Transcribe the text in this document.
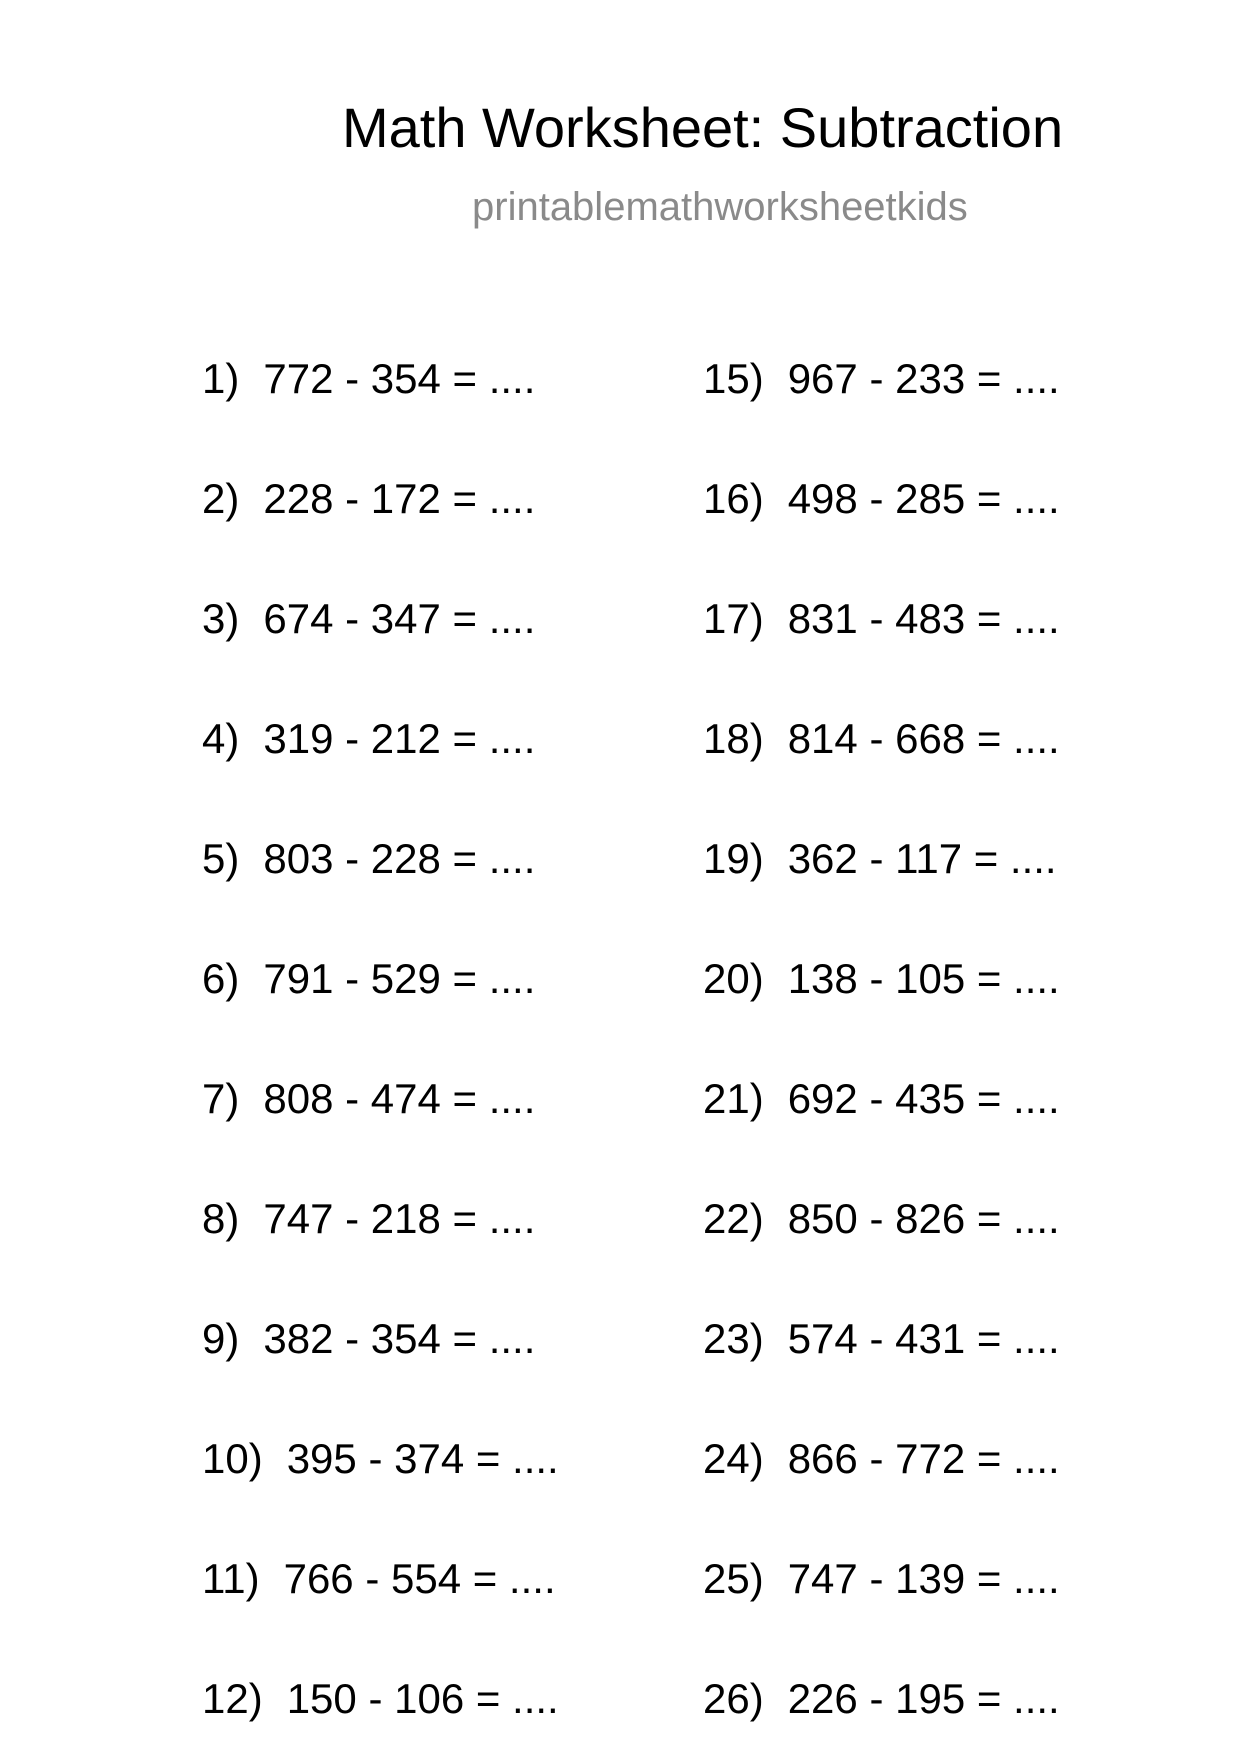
Math Worksheet: Subtraction
printablemathworksheetkids
1) 772 - 354 = ....
2) 228 - 172 = ....
3) 674 - 347 = ....
4) 319 - 212 = ....
5) 803 - 228 = ....
6) 791 - 529 = ....
7) 808 - 474 = ....
8) 747 - 218 = ....
9) 382 - 354 = ....
10) 395 - 374 = ....
11) 766 - 554 = ....
12) 150 - 106 = ....
15) 967 - 233 = ....
16) 498 - 285 = ....
17) 831 - 483 = ....
18) 814 - 668 = ....
19) 362 - 117 = ....
20) 138 - 105 = ....
21) 692 - 435 = ....
22) 850 - 826 = ....
23) 574 - 431 = ....
24) 866 - 772 = ....
25) 747 - 139 = ....
26) 226 - 195 = ....
